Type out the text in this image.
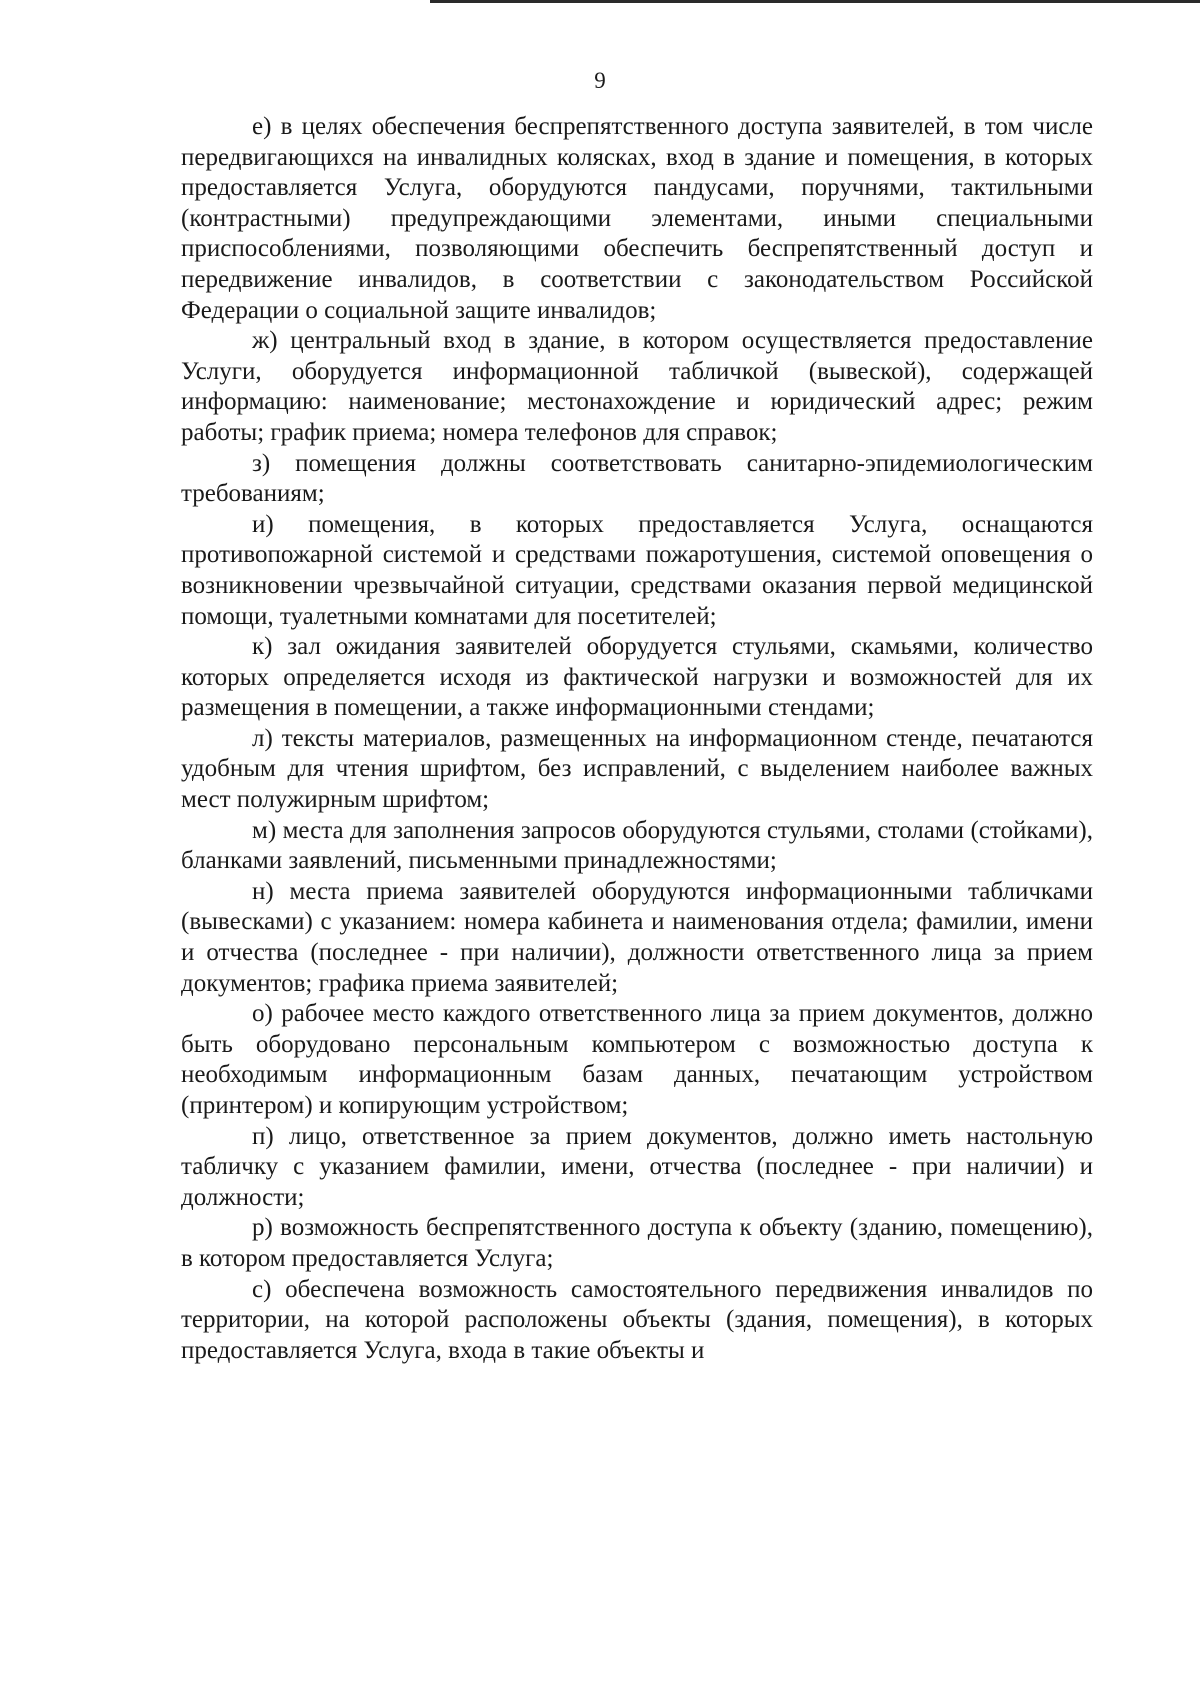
9

е) в целях обеспечения беспрепятственного доступа заявителей, в том числе передвигающихся на инвалидных колясках, вход в здание и помещения, в которых предоставляется Услуга, оборудуются пандусами, поручнями, тактильными (контрастными) предупреждающими элементами, иными специальными приспособлениями, позволяющими обеспечить беспрепятственный доступ и передвижение инвалидов, в соответствии с законодательством Российской Федерации о социальной защите инвалидов;

ж) центральный вход в здание, в котором осуществляется предоставление Услуги, оборудуется информационной табличкой (вывеской), содержащей информацию: наименование; местонахождение и юридический адрес; режим работы; график приема; номера телефонов для справок;

з) помещения должны соответствовать санитарно-эпидемиологическим требованиям;

и) помещения, в которых предоставляется Услуга, оснащаются противопожарной системой и средствами пожаротушения, системой оповещения о возникновении чрезвычайной ситуации, средствами оказания первой медицинской помощи, туалетными комнатами для посетителей;

к) зал ожидания заявителей оборудуется стульями, скамьями, количество которых определяется исходя из фактической нагрузки и возможностей для их размещения в помещении, а также информационными стендами;

л) тексты материалов, размещенных на информационном стенде, печатаются удобным для чтения шрифтом, без исправлений, с выделением наиболее важных мест полужирным шрифтом;

м) места для заполнения запросов оборудуются стульями, столами (стойками), бланками заявлений, письменными принадлежностями;

н) места приема заявителей оборудуются информационными табличками (вывесками) с указанием: номера кабинета и наименования отдела; фамилии, имени и отчества (последнее - при наличии), должности ответственного лица за прием документов; графика приема заявителей;

о) рабочее место каждого ответственного лица за прием документов, должно быть оборудовано персональным компьютером с возможностью доступа к необходимым информационным базам данных, печатающим устройством (принтером) и копирующим устройством;

п) лицо, ответственное за прием документов, должно иметь настольную табличку с указанием фамилии, имени, отчества (последнее - при наличии) и должности;

р) возможность беспрепятственного доступа к объекту (зданию, помещению), в котором предоставляется Услуга;

с) обеспечена возможность самостоятельного передвижения инвалидов по территории, на которой расположены объекты (здания, помещения), в которых предоставляется Услуга, входа в такие объекты и
